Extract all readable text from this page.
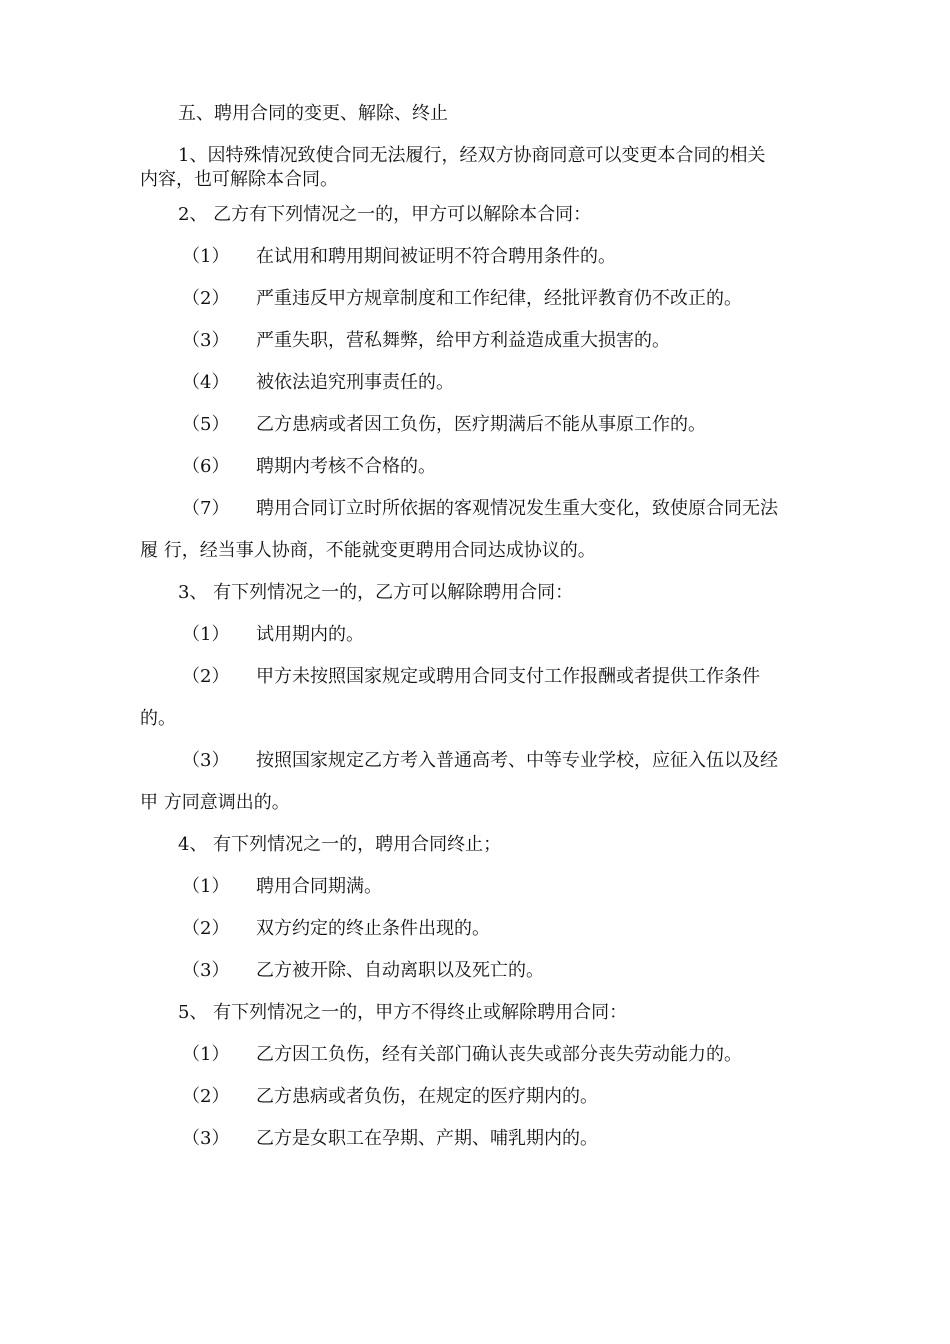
五、聘用合同的变更、解除、终止
1、因特殊情况致使合同无法履行，经双方协商同意可以变更本合同的相关
内容，也可解除本合同。
2、 乙方有下列情况之一的，甲方可以解除本合同：
（1） 在试用和聘用期间被证明不符合聘用条件的。
（2） 严重违反甲方规章制度和工作纪律，经批评教育仍不改正的。
（3） 严重失职，营私舞弊，给甲方利益造成重大损害的。
（4） 被依法追究刑事责任的。
（5） 乙方患病或者因工负伤，医疗期满后不能从事原工作的。
（6） 聘期内考核不合格的。
（7） 聘用合同订立时所依据的客观情况发生重大变化，致使原合同无法
履 行，经当事人协商，不能就变更聘用合同达成协议的。
3、 有下列情况之一的，乙方可以解除聘用合同：
（1） 试用期内的。
（2） 甲方未按照国家规定或聘用合同支付工作报酬或者提供工作条件
的。
（3） 按照国家规定乙方考入普通高考、中等专业学校，应征入伍以及经
甲 方同意调出的。
4、 有下列情况之一的，聘用合同终止；
（1） 聘用合同期满。
（2） 双方约定的终止条件出现的。
（3） 乙方被开除、自动离职以及死亡的。
5、 有下列情况之一的，甲方不得终止或解除聘用合同：
（1） 乙方因工负伤，经有关部门确认丧失或部分丧失劳动能力的。
（2） 乙方患病或者负伤，在规定的医疗期内的。
（3） 乙方是女职工在孕期、产期、哺乳期内的。
